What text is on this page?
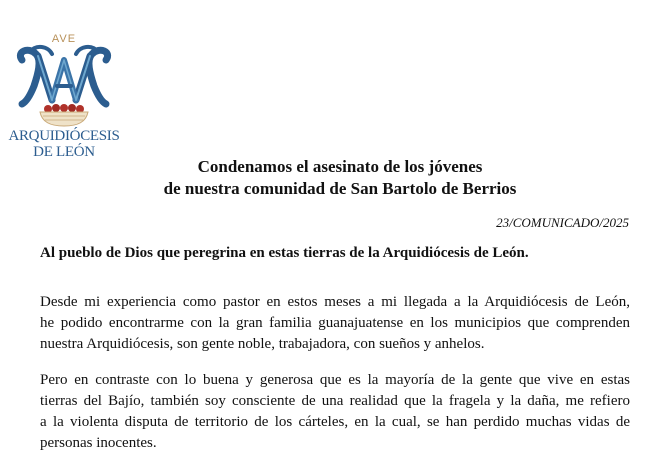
AVE
ARQUIDIÓCESIS
DE LEÓN
Condenamos el asesinato de los jóvenes
de nuestra comunidad de San Bartolo de Berrios
23/COMUNICADO/2025
Al pueblo de Dios que peregrina en estas tierras de la Arquidiócesis de León.
Desde mi experiencia como pastor en estos meses a mi llegada a la Arquidiócesis de León,
he podido encontrarme con la gran familia guanajuatense en los municipios que comprenden
nuestra Arquidiócesis, son gente noble, trabajadora, con sueños y anhelos.
Pero en contraste con lo buena y generosa que es la mayoría de la gente que vive en estas
tierras del Bajío, también soy consciente de una realidad que la fragela y la daña, me refiero
a la violenta disputa de territorio de los cárteles, en la cual, se han perdido muchas vidas de
personas inocentes.
